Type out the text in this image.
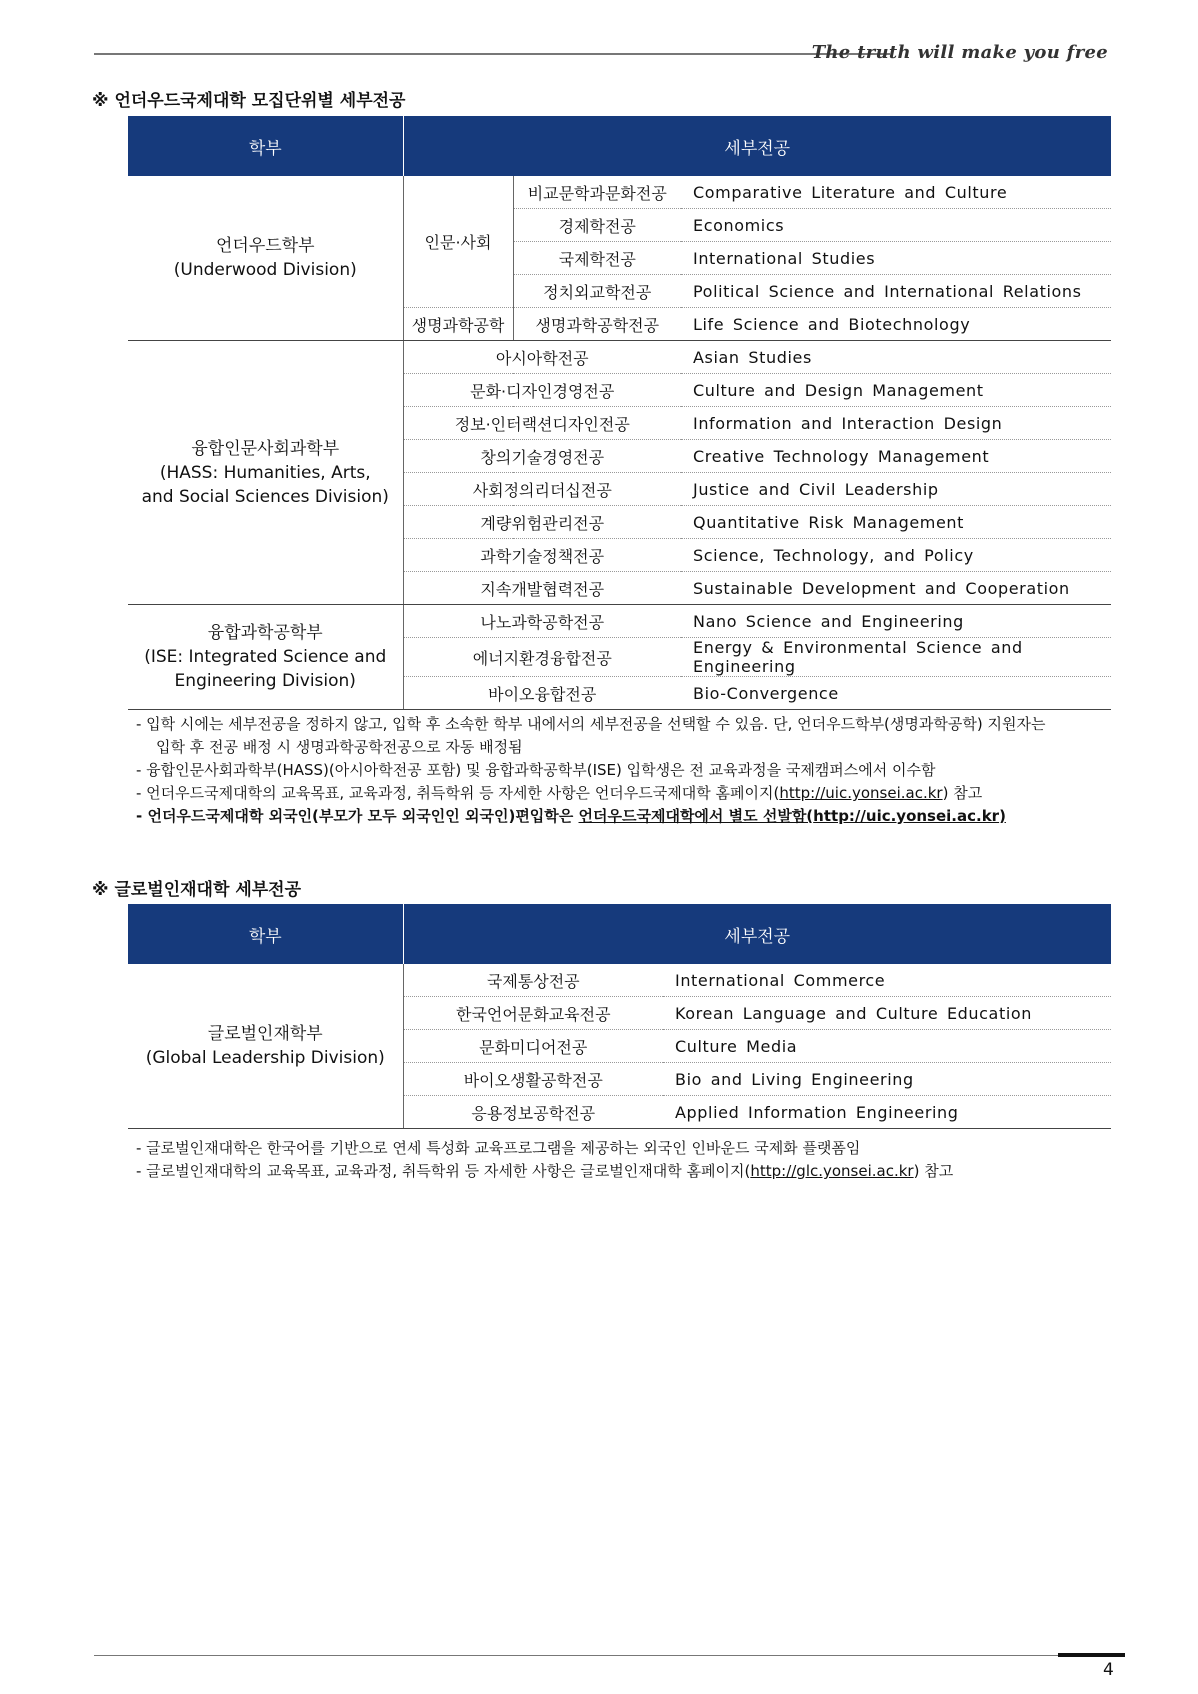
The truth will make you free
※ 언더우드국제대학 모집단위별 세부전공
학부	세부전공		

언더우드학부
(Underwood Division)	인문·사회	비교문학과문화전공	Comparative Literature and Culture
		경제학전공	Economics
		국제학전공	International Studies
		정치외교학전공	Political Science and International Relations
	생명과학공학	생명과학공학전공	Life Science and Biotechnology

융합인문사회과학부
(HASS: Humanities, Arts,
and Social Sciences Division)	아시아학전공		Asian Studies
	문화·디자인경영전공		Culture and Design Management
	정보·인터랙션디자인전공		Information and Interaction Design
	창의기술경영전공		Creative Technology Management
	사회정의리더십전공		Justice and Civil Leadership
	계량위험관리전공		Quantitative Risk Management
	과학기술정책전공		Science, Technology, and Policy
	지속개발협력전공		Sustainable Development and Cooperation

융합과학공학부
(ISE: Integrated Science and
Engineering Division)	나노과학공학전공		Nano Science and Engineering
	에너지환경융합전공		Energy & Environmental Science and Engineering
	바이오융합전공		Bio-Convergence
- 입학 시에는 세부전공을 정하지 않고, 입학 후 소속한 학부 내에서의 세부전공을 선택할 수 있음. 단, 언더우드학부(생명과학공학) 지원자는
입학 후 전공 배정 시 생명과학공학전공으로 자동 배정됨
- 융합인문사회과학부(HASS)(아시아학전공 포함) 및 융합과학공학부(ISE) 입학생은 전 교육과정을 국제캠퍼스에서 이수함
- 언더우드국제대학의 교육목표, 교육과정, 취득학위 등 자세한 사항은 언더우드국제대학 홈페이지(http://uic.yonsei.ac.kr) 참고
- 언더우드국제대학 외국인(부모가 모두 외국인인 외국인)편입학은 언더우드국제대학에서 별도 선발함(http://uic.yonsei.ac.kr)
※ 글로벌인재대학 세부전공
학부	세부전공	

글로벌인재학부
(Global Leadership Division)	국제통상전공	International Commerce
	한국언어문화교육전공	Korean Language and Culture Education
	문화미디어전공	Culture Media
	바이오생활공학전공	Bio and Living Engineering
	응용정보공학전공	Applied Information Engineering
- 글로벌인재대학은 한국어를 기반으로 연세 특성화 교육프로그램을 제공하는 외국인 인바운드 국제화 플랫폼임
- 글로벌인재대학의 교육목표, 교육과정, 취득학위 등 자세한 사항은 글로벌인재대학 홈페이지(http://glc.yonsei.ac.kr) 참고
4
